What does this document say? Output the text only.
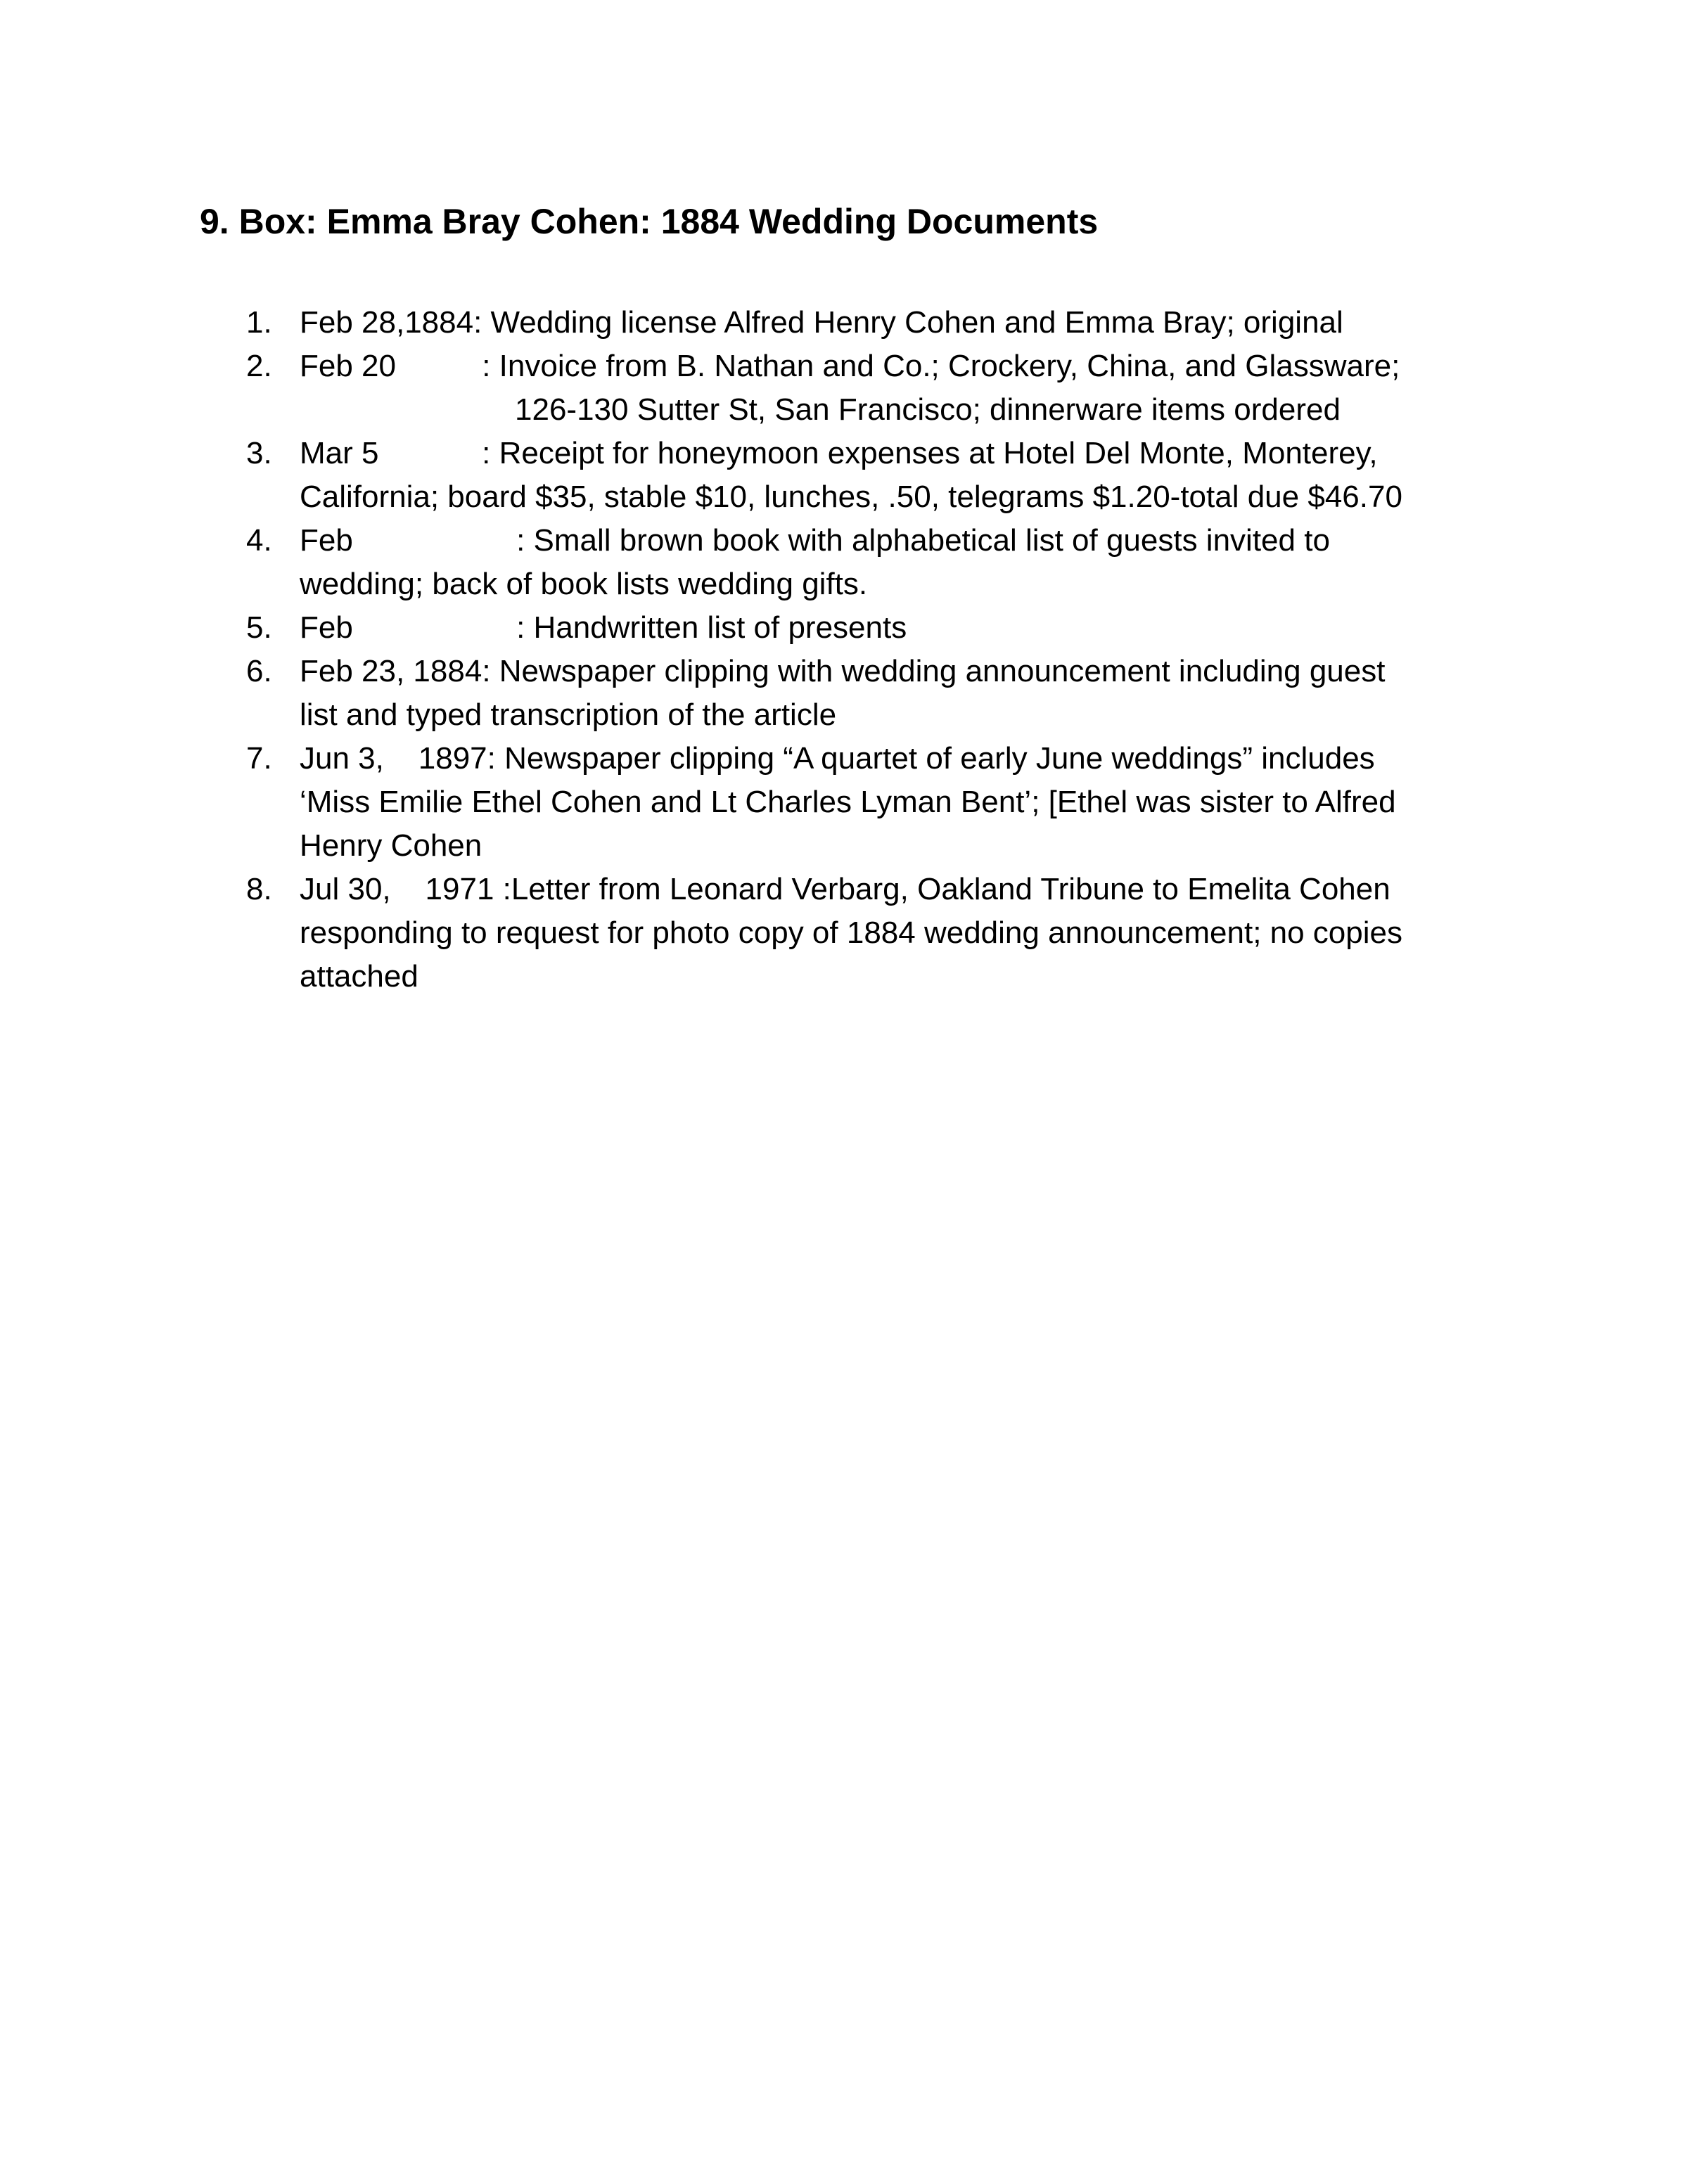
9. Box: Emma Bray Cohen: 1884 Wedding Documents
1. Feb 28,1884: Wedding license Alfred Henry Cohen and Emma Bray; original
2. Feb 20          : Invoice from B. Nathan and Co.; Crockery, China, and Glassware;
126-130 Sutter St, San Francisco; dinnerware items ordered
3. Mar 5            : Receipt for honeymoon expenses at Hotel Del Monte, Monterey,
California; board $35, stable $10, lunches, .50, telegrams $1.20-total due $46.70
4. Feb                   : Small brown book with alphabetical list of guests invited to
wedding; back of book lists wedding gifts.
5. Feb                   : Handwritten list of presents
6. Feb 23, 1884: Newspaper clipping with wedding announcement including guest
list and typed transcription of the article
7. Jun 3,    1897: Newspaper clipping “A quartet of early June weddings” includes
‘Miss Emilie Ethel Cohen and Lt Charles Lyman Bent’; [Ethel was sister to Alfred
Henry Cohen
8. Jul 30,    1971 :Letter from Leonard Verbarg, Oakland Tribune to Emelita Cohen
responding to request for photo copy of 1884 wedding announcement; no copies
attached
